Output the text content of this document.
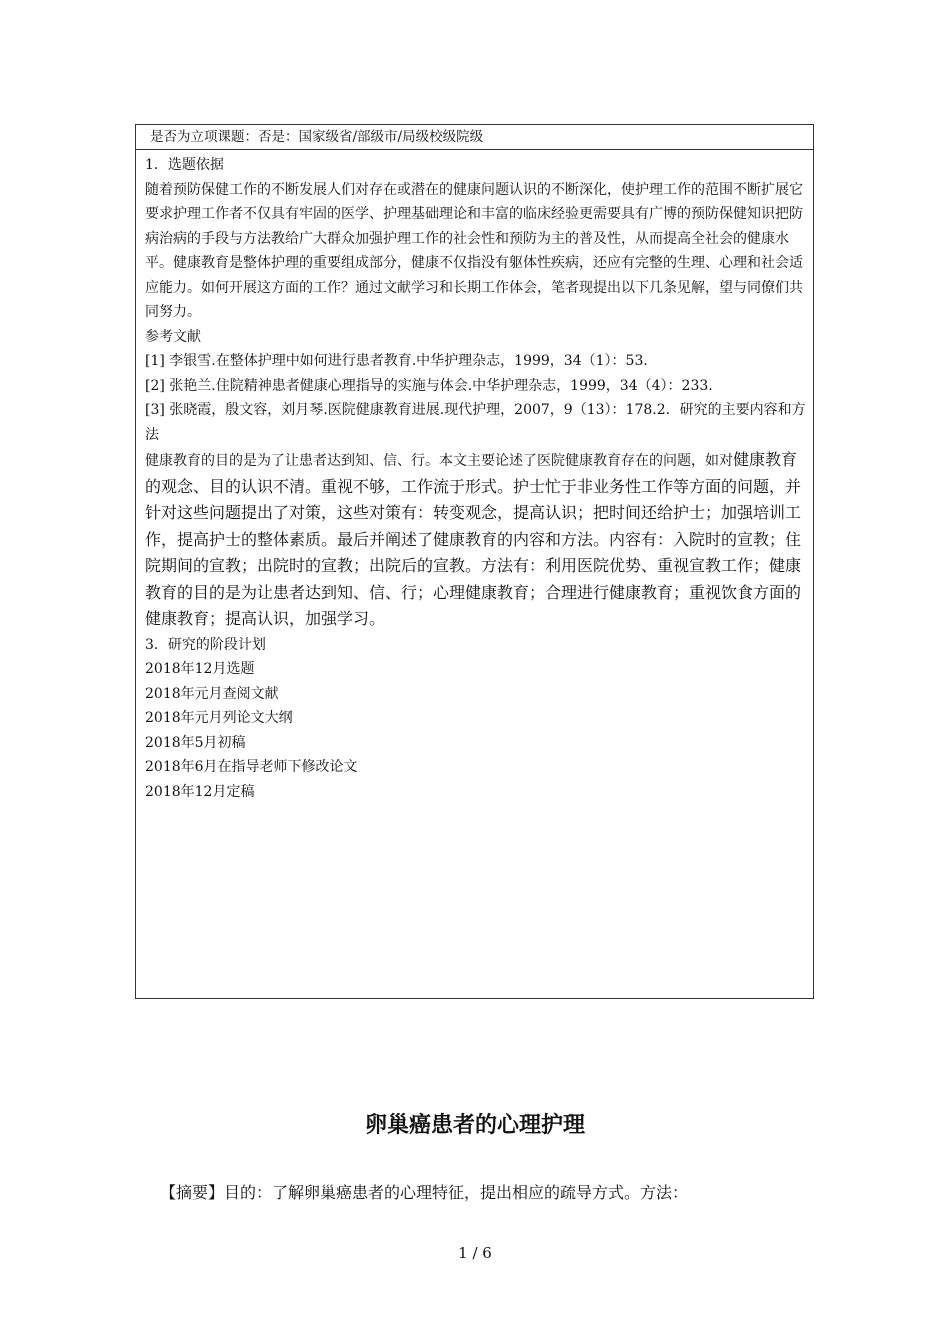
是否为立项课题：否是：国家级省/部级市/局级校级院级

1．选题依据

随着预防保健工作的不断发展人们对存在或潜在的健康问题认识的不断深化，使护理工作的范围不断扩展它要求护理工作者不仅具有牢固的医学、护理基础理论和丰富的临床经验更需要具有广博的预防保健知识把防病治病的手段与方法教给广大群众加强护理工作的社会性和预防为主的普及性，从而提高全社会的健康水平。健康教育是整体护理的重要组成部分，健康不仅指没有躯体性疾病，还应有完整的生理、心理和社会适应能力。如何开展这方面的工作？通过文献学习和长期工作体会，笔者现提出以下几条见解，望与同僚们共同努力。

参考文献

[1] 李银雪.在整体护理中如何进行患者教育.中华护理杂志，1999，34（1）：53.

[2] 张艳兰.住院精神患者健康心理指导的实施与体会.中华护理杂志，1999，34（4）：233.

[3] 张晓霞，殷文容，刘月琴.医院健康教育进展.现代护理，2007，9（13）：178.2．研究的主要内容和方法

健康教育的目的是为了让患者达到知、信、行。本文主要论述了医院健康教育存在的问题，如对健康教育的观念、目的认识不清。重视不够，工作流于形式。护士忙于非业务性工作等方面的问题，并针对这些问题提出了对策，这些对策有：转变观念，提高认识；把时间还给护士；加强培训工作，提高护士的整体素质。最后并阐述了健康教育的内容和方法。内容有：入院时的宣教；住院期间的宣教；出院时的宣教；出院后的宣教。方法有：利用医院优势、重视宣教工作；健康教育的目的是为让患者达到知、信、行；心理健康教育；合理进行健康教育；重视饮食方面的健康教育；提高认识，加强学习。

3．研究的阶段计划

2018年12月选题

2018年元月查阅文献

2018年元月列论文大纲

2018年5月初稿

2018年6月在指导老师下修改论文

2018年12月定稿

卵巢癌患者的心理护理
【摘要】目的：了解卵巢癌患者的心理特征，提出相应的疏导方式。方法：
1 / 6
